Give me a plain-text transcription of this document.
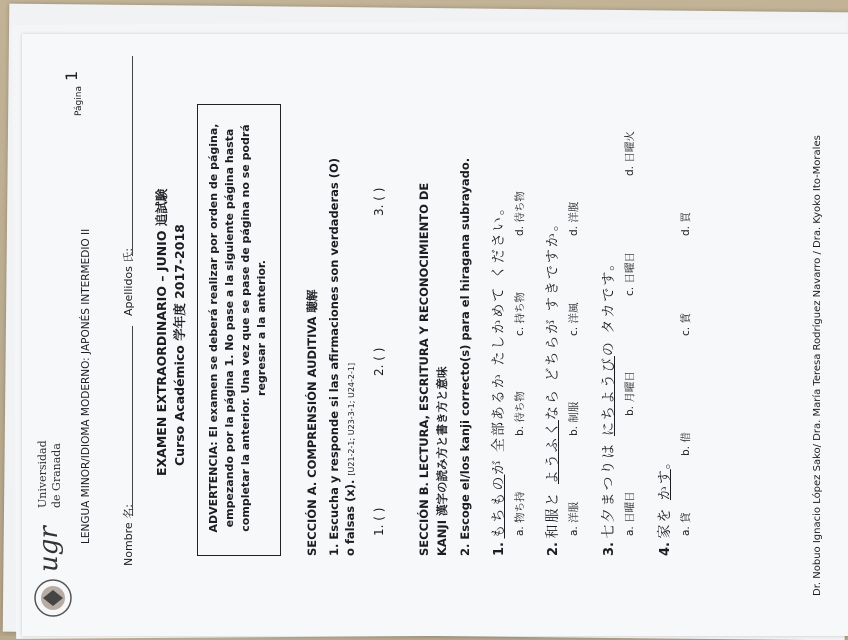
ugr
Universidad de Granada LENGUA MINOR/IDIOMA MODERNO: JAPONÉS INTERMEDIO II
Página
1
Nombre 名:
Apellidos 氏: EXAMEN EXTRAORDINARIO – JUNIO 追試験 Curso Académico 学年度 2017-2018 ADVERTENCIA: El examen se deberá realizar por orden de página, empezando por la página 1. No pase a la siguiente página hasta completar la anterior. Una vez que se pase de página no se podrá regresar a la anterior.	SECCIÓN A. COMPRENSIÓN AUDITIVA 聴解 1. Escucha y responde si las afirmaciones son verdaderas (O) o falsas (x). [U21-2-1; U23-3-1; U24-2-1]
1. ( )
2. ( )
3. ( )	SECCIÓN B. LECTURA, ESCRITURA Y RECONOCIMIENTO DE KANJI 漢字の読み方と書き方と意味 2. Escoge el/los kanji correcto(s) para el hiragana subrayado.	1. もちものが 全部あるか たしかめて ください。
a. 物ち持
b. 待ち物
c. 持ち物
d. 待ち物
2. 和服と ようふくなら どちらが すきですか。
a. 洋服
b. 制服
c. 洋風
d. 洋腹
3. 七夕まつりは にちようびの タカです。
a. 日曜日
b. 月曜日
c. 日曜日
d. 日曜火
4. 家を かす。
a. 貸
b. 借
c. 賃
d. 買	Dr. Nobuo Ignacio López Sako/ Dra. María Teresa Rodríguez Navarro / Dra. Kyoko Ito-Morales
